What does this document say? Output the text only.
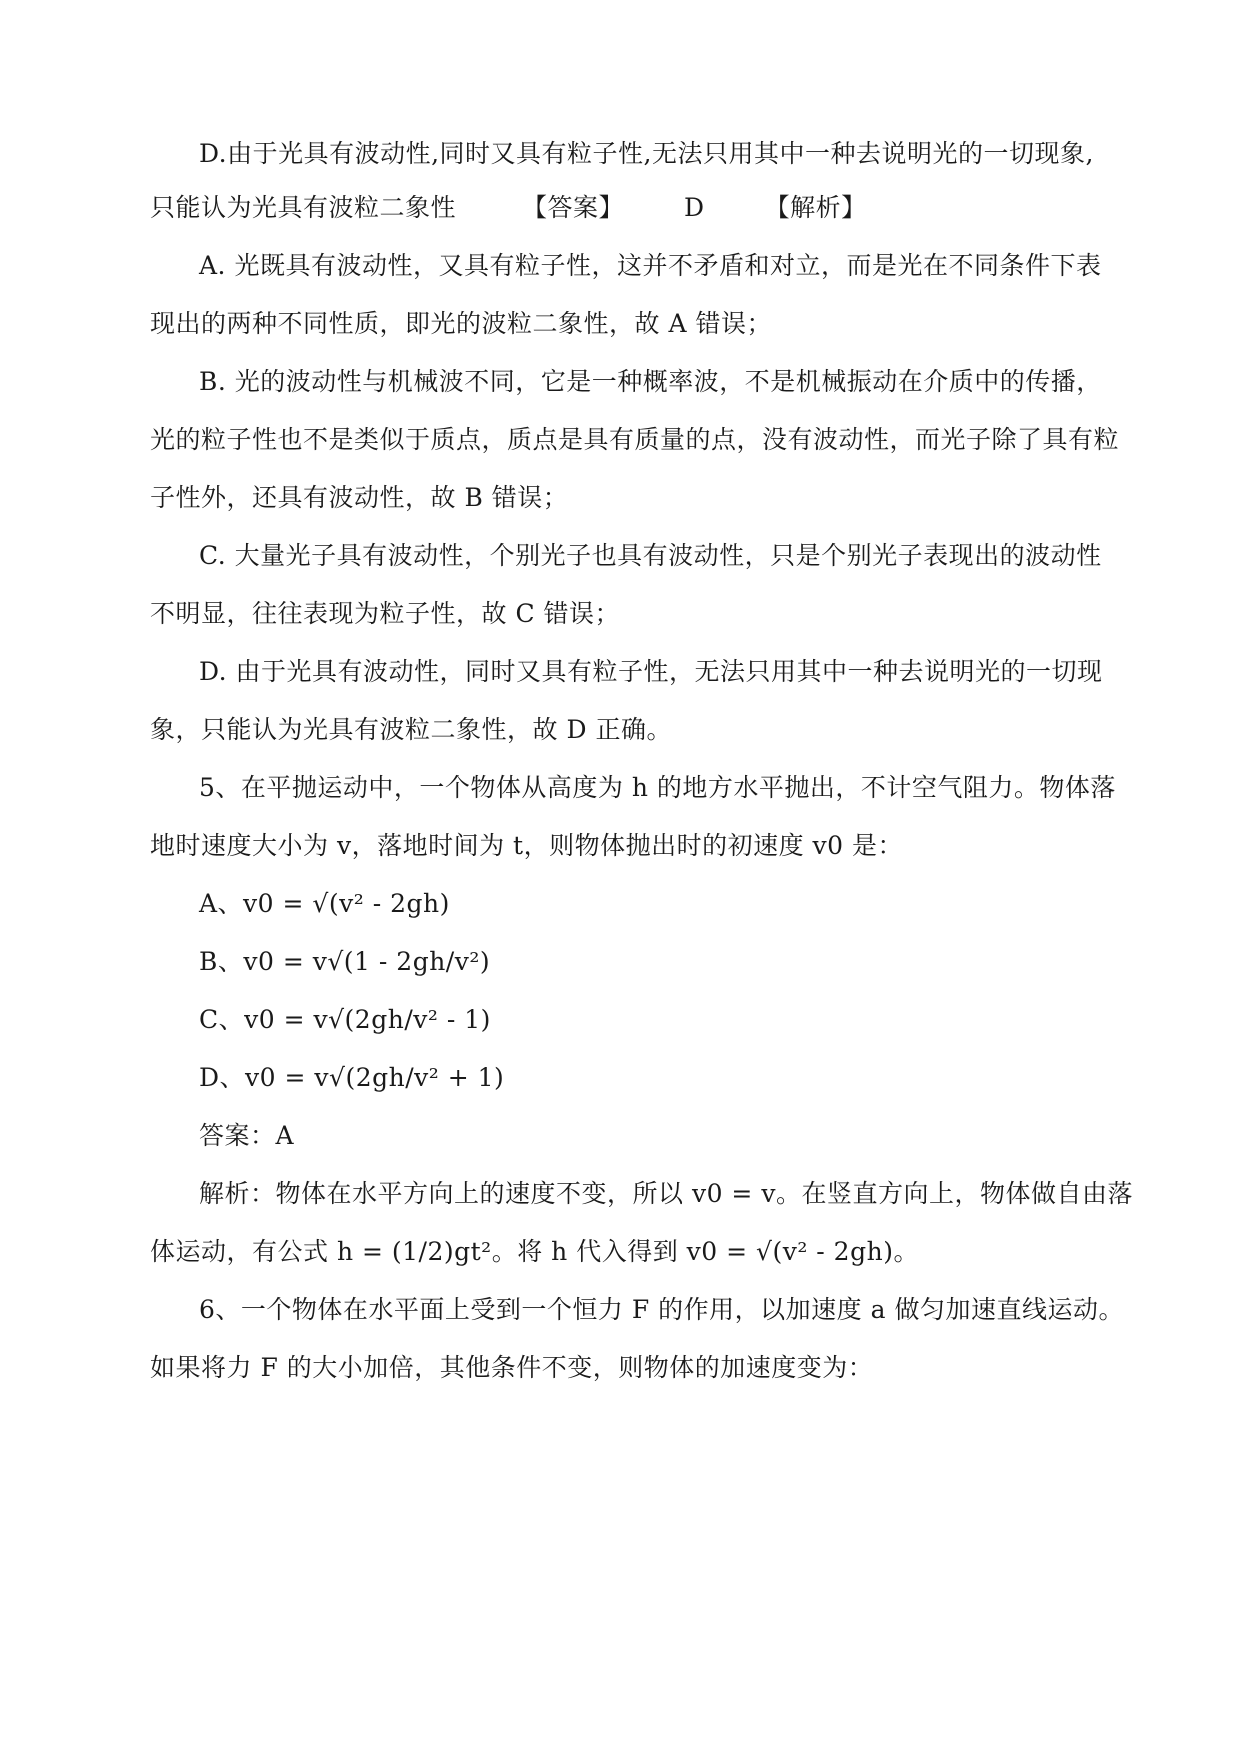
D.由于光具有波动性,同时又具有粒子性,无法只用其中一种去说明光的一切现象,
只能认为光具有波粒二象性	【答案】 D 【解析】
A. 光既具有波动性，又具有粒子性，这并不矛盾和对立，而是光在不同条件下表
现出的两种不同性质，即光的波粒二象性，故 A 错误；
B. 光的波动性与机械波不同，它是一种概率波，不是机械振动在介质中的传播，
光的粒子性也不是类似于质点，质点是具有质量的点，没有波动性，而光子除了具有粒
子性外，还具有波动性，故 B 错误；
C. 大量光子具有波动性，个别光子也具有波动性，只是个别光子表现出的波动性
不明显，往往表现为粒子性，故 C 错误；
D. 由于光具有波动性，同时又具有粒子性，无法只用其中一种去说明光的一切现
象，只能认为光具有波粒二象性，故 D 正确。
5、在平抛运动中，一个物体从高度为 h 的地方水平抛出，不计空气阻力。物体落
地时速度大小为 v，落地时间为 t，则物体抛出时的初速度 v0 是：
A、v0 = √(v² - 2gh)
B、v0 = v√(1 - 2gh/v²)
C、v0 = v√(2gh/v² - 1)
D、v0 = v√(2gh/v² + 1)
答案：A
解析：物体在水平方向上的速度不变，所以 v0 = v。在竖直方向上，物体做自由落
体运动，有公式 h = (1/2)gt²。将 h 代入得到 v0 = √(v² - 2gh)。
6、一个物体在水平面上受到一个恒力 F 的作用，以加速度 a 做匀加速直线运动。
如果将力 F 的大小加倍，其他条件不变，则物体的加速度变为：
